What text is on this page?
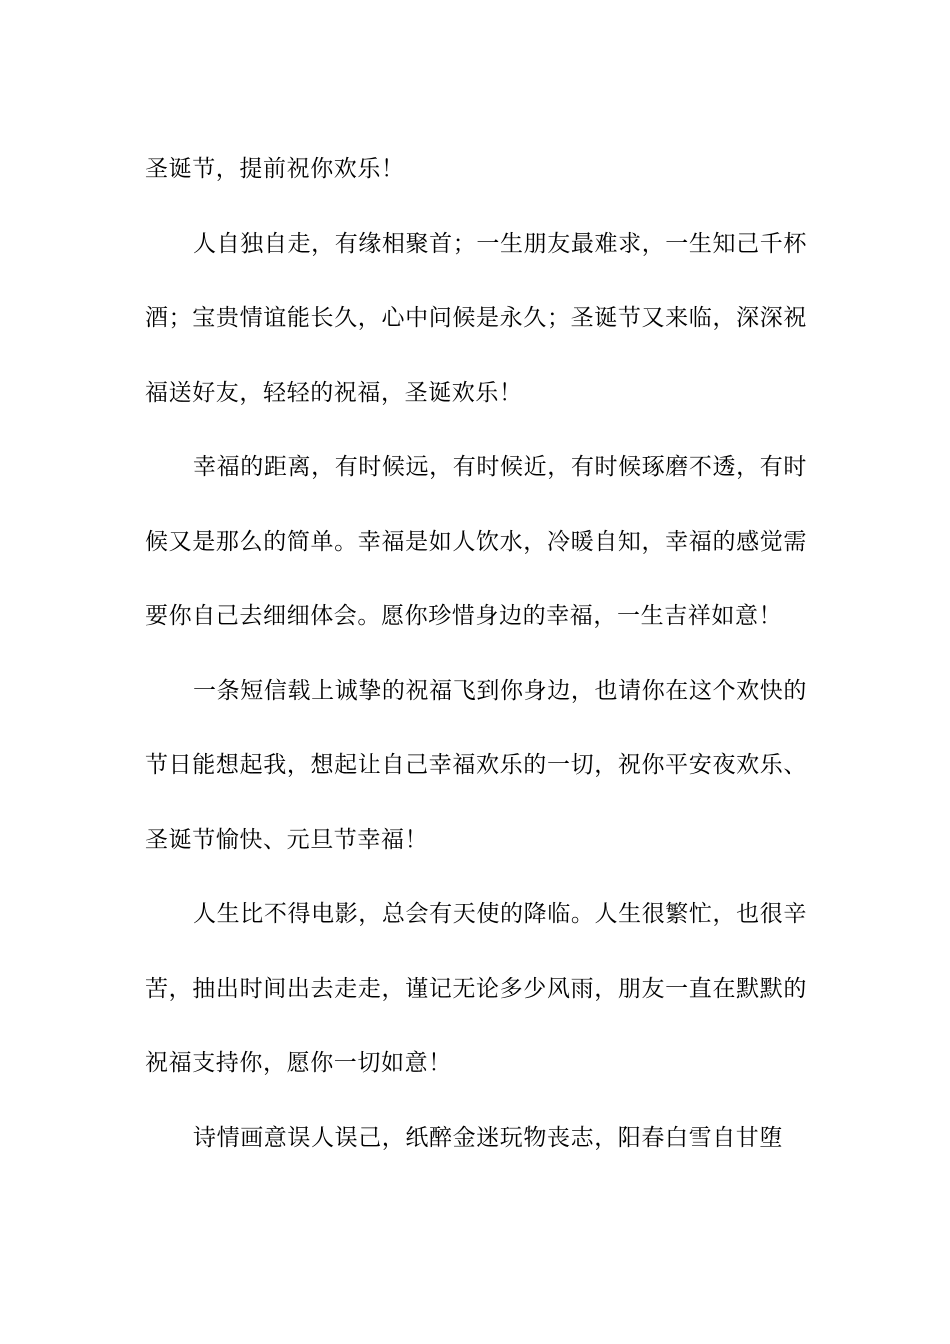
圣诞节，提前祝你欢乐！

人自独自走，有缘相聚首；一生朋友最难求，一生知己千杯酒；宝贵情谊能长久，心中问候是永久；圣诞节又来临，深深祝福送好友，轻轻的祝福，圣诞欢乐！

幸福的距离，有时候远，有时候近，有时候琢磨不透，有时候又是那么的简单。幸福是如人饮水，冷暖自知，幸福的感觉需要你自己去细细体会。愿你珍惜身边的幸福，一生吉祥如意！

一条短信载上诚挚的祝福飞到你身边，也请你在这个欢快的节日能想起我，想起让自己幸福欢乐的一切，祝你平安夜欢乐、圣诞节愉快、元旦节幸福！

人生比不得电影，总会有天使的降临。人生很繁忙，也很辛苦，抽出时间出去走走，谨记无论多少风雨，朋友一直在默默的祝福支持你，愿你一切如意！

诗情画意误人误己，纸醉金迷玩物丧志，阳春白雪自甘堕
